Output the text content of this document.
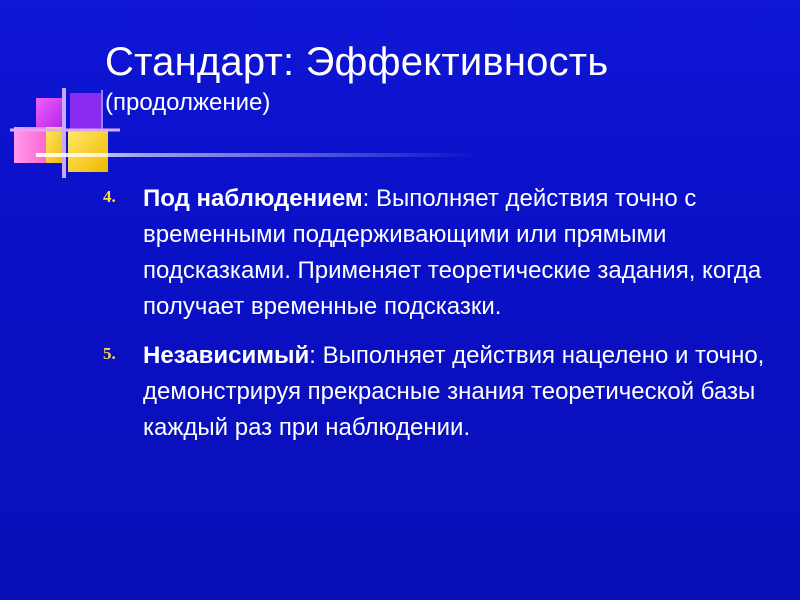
Стандарт: Эффективность
(продолжение)
4.	Под наблюдением: Выполняет действия точно с временными поддерживающими или прямыми подсказками. Применяет теоретические задания, когда получает временные подсказки.
5.	Независимый: Выполняет действия нацелено и точно, демонстрируя прекрасные знания теоретической базы каждый раз при наблюдении.
